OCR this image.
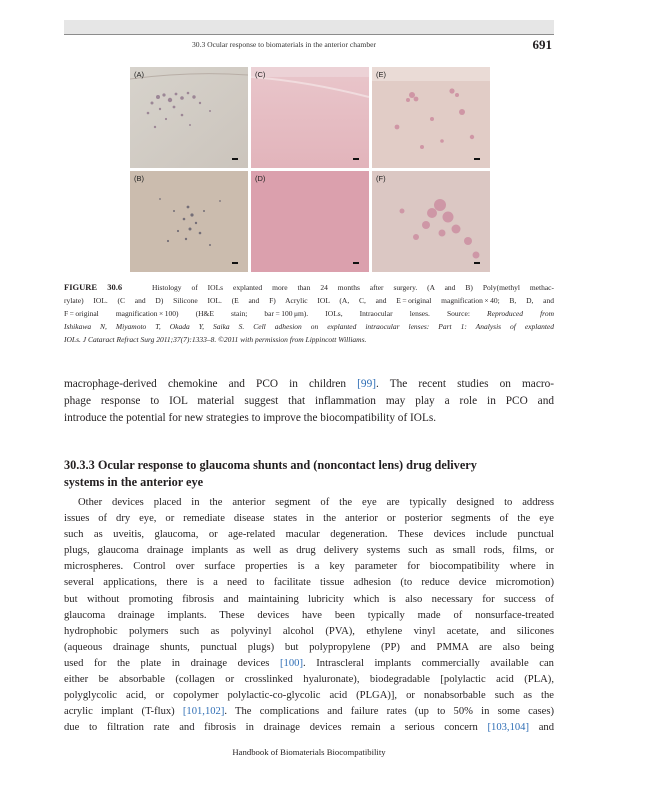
30.3 Ocular response to biomaterials in the anterior chamber	691
(A)	(C)	(E)
(B)	(D)	(F)
FIGURE 30.6	Histology of IOLs explanted more than 24 months after surgery. (A and B) Poly(methyl methac-
rylate) IOL. (C and D) Silicone IOL. (E and F) Acrylic IOL (A, C, and E = original magnification × 40; B, D, and
F = original magnification × 100) (H&E stain; bar = 100 μm). IOLs, Intraocular lenses. Source: Reproduced from
Ishikawa N, Miyamoto T, Okada Y, Saika S. Cell adhesion on explanted intraocular lenses: Part 1: Analysis of explanted
IOLs. J Cataract Refract Surg 2011;37(7):1333–8. ©2011 with permission from Lippincott Williams.
macrophage-derived chemokine and PCO in children [99]. The recent studies on macro-
phage response to IOL material suggest that inflammation may play a role in PCO and
introduce the potential for new strategies to improve the biocompatibility of IOLs.
30.3.3 Ocular response to glaucoma shunts and (noncontact lens) drug delivery
systems in the anterior eye
Other devices placed in the anterior segment of the eye are typically designed to address
issues of dry eye, or remediate disease states in the anterior or posterior segments of the eye
such as uveitis, glaucoma, or age-related macular degeneration. These devices include punctual
plugs, glaucoma drainage implants as well as drug delivery systems such as small rods, films, or
microspheres. Control over surface properties is a key parameter for biocompatibility where in
several applications, there is a need to facilitate tissue adhesion (to reduce device micromotion)
but without promoting fibrosis and maintaining lubricity which is also necessary for success of
glaucoma drainage implants. These devices have been typically made of nonsurface-treated
hydrophobic polymers such as polyvinyl alcohol (PVA), ethylene vinyl acetate, and silicones
(aqueous drainage shunts, punctual plugs) but polypropylene (PP) and PMMA are also being
used for the plate in drainage devices [100]. Intrascleral implants commercially available can
either be absorbable (collagen or crosslinked hyaluronate), biodegradable [polylactic acid (PLA),
polyglycolic acid, or copolymer polylactic-co-glycolic acid (PLGA)], or nonabsorbable such as the
acrylic implant (T-flux) [101,102]. The complications and failure rates (up to 50% in some cases)
due to filtration rate and fibrosis in drainage devices remain a serious concern [103,104] and
Handbook of Biomaterials Biocompatibility
